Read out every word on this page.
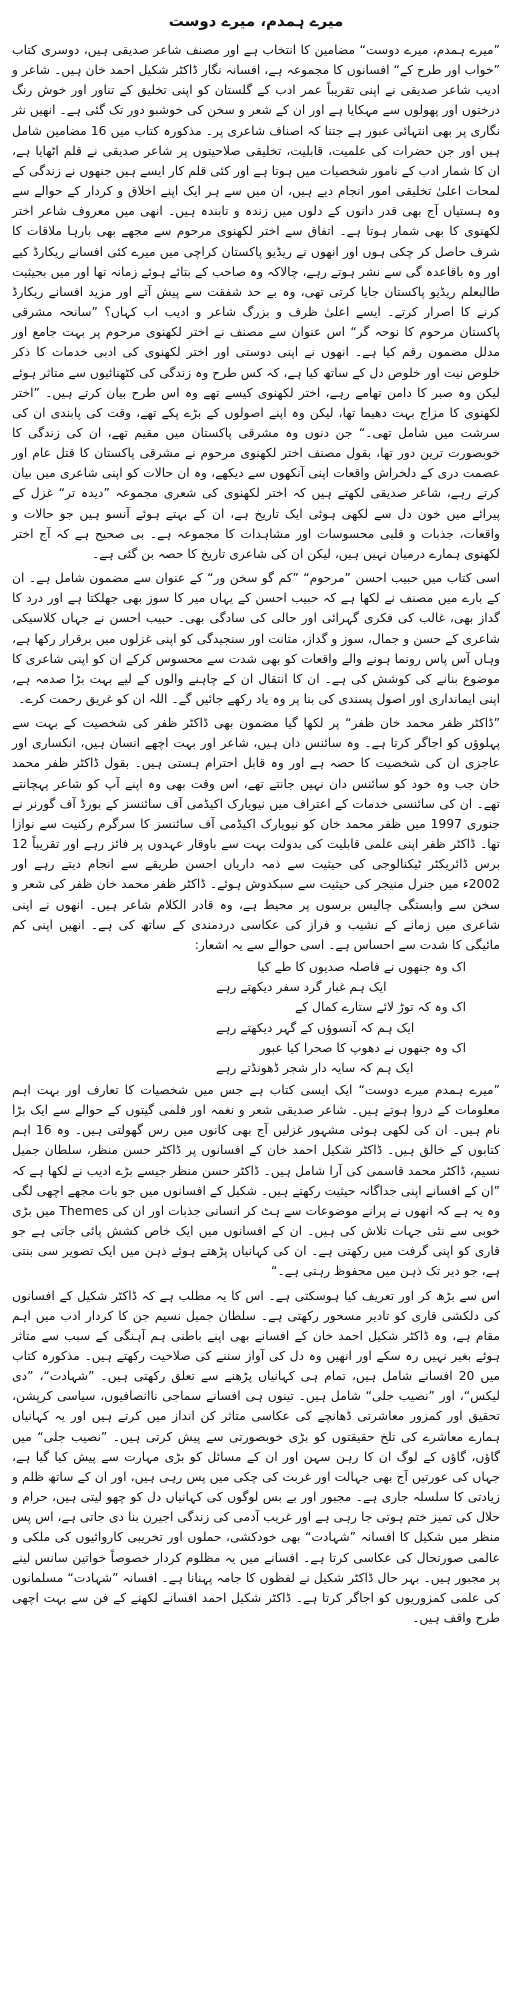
میرے ہمدم، میرے دوست

”میرے ہمدم، میرے دوست“ مضامین کا انتخاب ہے اور مصنف شاعر صدیقی ہیں، دوسری کتاب ”خواب اور طرح کے“ افسانوں کا مجموعہ ہے، افسانہ نگار ڈاکٹر شکیل احمد خان ہیں۔ شاعر و ادیب شاعر صدیقی نے اپنی تقریباً عمر ادب کے گلستان کو اپنی تخلیق کے تناور اور خوش رنگ درختوں اور پھولوں سے مہکایا ہے اور ان کے شعر و سخن کی خوشبو دور تک گئی ہے۔ انھیں نثر نگاری پر بھی انتہائی عبور ہے جتنا کہ اصناف شاعری پر۔ مذکورہ کتاب میں 16 مضامین شامل ہیں اور جن حضرات کی علمیت، قابلیت، تخلیقی صلاحیتوں پر شاعر صدیقی نے قلم اٹھایا ہے، ان کا شمار ادب کے نامور شخصیات میں ہوتا ہے اور کئی قلم کار ایسے ہیں جنھوں نے زندگی کے لمحات اعلیٰ تخلیقی امور انجام دیے ہیں، ان میں سے ہر ایک اپنے اخلاق و کردار کے حوالے سے وہ ہستیاں آج بھی قدر دانوں کے دلوں میں زندہ و تابندہ ہیں۔ انھی میں معروف شاعر اختر لکھنوی کا بھی شمار ہوتا ہے۔ اتفاق سے اختر لکھنوی مرحوم سے مجھے بھی بارہا ملاقات کا شرف حاصل کر چکی ہوں اور انھوں نے ریڈیو پاکستان کراچی میں میرے کئی افسانے ریکارڈ کیے اور وہ باقاعدہ گی سے نشر ہوتے رہے، چالاکہ وہ صاحب کے بتائے ہوئے زمانہ تھا اور میں بحیثیت طالبعلم ریڈیو پاکستان جایا کرتی تھی، وہ بے حد شفقت سے پیش آتے اور مزید افسانے ریکارڈ کرنے کا اصرار کرتے۔ ایسے اعلیٰ ظرف و بزرگ شاعر و ادیب اب کہاں؟ ”سانحہ مشرقی پاکستان مرحوم کا نوحہ گر“ اس عنوان سے مصنف نے اختر لکھنوی مرحوم پر بہت جامع اور مدلل مضمون رقم کیا ہے۔ انھوں نے اپنی دوستی اور اختر لکھنوی کی ادبی خدمات کا ذکر خلوص نیت اور خلوص دل کے ساتھ کیا ہے، کہ کس طرح وہ زندگی کی کٹھنائیوں سے متاثر ہوئے لیکن وہ صبر کا دامن تھامے رہے، اختر لکھنوی کیسے تھے وہ اس طرح بیان کرتے ہیں۔ ”اختر لکھنوی کا مزاج بہت دھیما تھا، لیکن وہ اپنے اصولوں کے بڑے پکے تھے، وقت کی پابندی ان کی سرشت میں شامل تھی۔“ جن دنوں وہ مشرقی پاکستان میں مقیم تھے، ان کی زندگی کا خوبصورت ترین دور تھا، بقول مصنف اختر لکھنوی مرحوم نے مشرقی پاکستان کا قتل عام اور عصمت دری کے دلخراش واقعات اپنی آنکھوں سے دیکھے، وہ ان حالات کو اپنی شاعری میں بیان کرتے رہے، شاعر صدیقی لکھتے ہیں کہ اختر لکھنوی کی شعری مجموعہ ”دیدہ تر“ غزل کے پیرائے میں خون دل سے لکھی ہوئی ایک تاریخ ہے، ان کے بہتے ہوئے آنسو ہیں جو حالات و واقعات، جذبات و قلبی محسوسات اور مشاہدات کا مجموعہ ہے۔ بی صحیح ہے کہ آج اختر لکھنوی ہمارے درمیان نہیں ہیں، لیکن ان کی شاعری تاریخ کا حصہ بن گئی ہے۔

اسی کتاب میں حبیب احسن ”مرحوم“ ”کم گو سخن ور“ کے عنوان سے مضمون شامل ہے۔ ان کے بارے میں مصنف نے لکھا ہے کہ حبیب احسن کے یہاں میر کا سوز بھی جھلکتا ہے اور درد کا گداز بھی، غالب کی فکری گہرائی اور حالی کی سادگی بھی۔ حبیب احسن نے جہاں کلاسیکی شاعری کے حسن و جمال، سوز و گداز، متانت اور سنجیدگی کو اپنی غزلوں میں برقرار رکھا ہے، وہاں آس پاس رونما ہونے والے واقعات کو بھی شدت سے محسوس کرکے ان کو اپنی شاعری کا موضوع بنانے کی کوشش کی ہے۔ ان کا انتقال ان کے چاہنے والوں کے لیے بہت بڑا صدمہ ہے، اپنی ایمانداری اور اصول پسندی کی بنا پر وہ یاد رکھے جائیں گے۔ اللہ ان کو غریق رحمت کرے۔

”ڈاکٹر ظفر محمد خان ظفر“ پر لکھا گیا مضمون بھی ڈاکٹر ظفر کی شخصیت کے بہت سے پہلوؤں کو اجاگر کرتا ہے۔ وہ سائنس دان ہیں، شاعر اور بہت اچھے انسان ہیں، انکساری اور عاجزی ان کی شخصیت کا حصہ ہے اور وہ قابل احترام ہستی ہیں۔ بقول ڈاکٹر ظفر محمد خان جب وہ خود کو سائنس دان نہیں جانتے تھے، اس وقت بھی وہ اپنے آپ کو شاعر پہچانتے تھے۔ ان کی سائنسی خدمات کے اعتراف میں نیویارک اکیڈمی آف سائنسز کے بورڈ آف گورنر نے جنوری 1997 میں ظفر محمد خان کو نیویارک اکیڈمی آف سائنسز کا سرگرم رکنیت سے نوازا تھا۔ ڈاکٹر ظفر اپنی علمی قابلیت کی بدولت بہت سے باوقار عہدوں پر فائز رہے اور تقریباً 12 برس ڈائریکٹر ٹیکنالوجی کی حیثیت سے ذمہ داریاں احسن طریقے سے انجام دیتے رہے اور 2002ء میں جنرل منیجر کی حیثیت سے سبکدوش ہوئے۔ ڈاکٹر ظفر محمد خان ظفر کی شعر و سخن سے وابستگی چالیس برسوں پر محیط ہے، وہ قادر الکلام شاعر ہیں۔ انھوں نے اپنی شاعری میں زمانے کے نشیب و فراز کی عکاسی دردمندی کے ساتھ کی ہے۔ انھیں اپنی کم مائیگی کا شدت سے احساس ہے۔ اسی حوالے سے یہ اشعار:

اک وہ جنھوں نے فاصلہ صدیوں کا طے کیا
ایک ہم غبار گرد سفر دیکھتے رہے
اک وہ کہ توڑ لائے ستارے کمال کے
ایک ہم کہ آنسوؤں کے گہر دیکھتے رہے
اک وہ جنھوں نے دھوپ کا صحرا کیا عبور
ایک ہم کہ سایہ دار شجر ڈھونڈتے رہے

”میرے ہمدم میرے دوست“ ایک ایسی کتاب ہے جس میں شخصیات کا تعارف اور بہت اہم معلومات کے دروا ہوتے ہیں۔ شاعر صدیقی شعر و نغمہ اور فلمی گیتوں کے حوالے سے ایک بڑا نام ہیں۔ ان کی لکھی ہوئی مشہور غزلیں آج بھی کانوں میں رس گھولتی ہیں۔ وہ 16 اہم کتابوں کے خالق ہیں۔ ڈاکٹر شکیل احمد خان کے افسانوں پر ڈاکٹر حسن منظر، سلطان جمیل نسیم، ڈاکٹر محمد قاسمی کی آرا شامل ہیں۔ ڈاکٹر حسن منظر جیسے بڑے ادیب نے لکھا ہے کہ ”ان کے افسانے اپنی جداگانہ حیثیت رکھتے ہیں۔ شکیل کے افسانوں میں جو بات مجھے اچھی لگی وہ یہ ہے کہ انھوں نے پرانے موضوعات سے ہٹ کر انسانی جذبات اور ان کی Themes میں بڑی خوبی سے نئی جہات تلاش کی ہیں۔ ان کے افسانوں میں ایک خاص کشش پائی جاتی ہے جو قاری کو اپنی گرفت میں رکھتی ہے۔ ان کی کہانیاں پڑھتے ہوئے ذہن میں ایک تصویر سی بنتی ہے، جو دیر تک ذہن میں محفوظ رہتی ہے۔“

اس سے بڑھ کر اور تعریف کیا ہوسکتی ہے۔ اس کا یہ مطلب ہے کہ ڈاکٹر شکیل کے افسانوں کی دلکشی قاری کو تادیر مسحور رکھتی ہے۔ سلطان جمیل نسیم جن کا کردار ادب میں اہم مقام ہے، وہ ڈاکٹر شکیل احمد خان کے افسانے بھی اپنے باطنی ہم آہنگی کے سبب سے متاثر ہوئے بغیر نہیں رہ سکے اور انھیں وہ دل کی آواز سننے کی صلاحیت رکھتے ہیں۔ مذکورہ کتاب میں 20 افسانے شامل ہیں، تمام ہی کہانیاں پڑھنے سے تعلق رکھتی ہیں۔ ”شہادت“، ”دی لیکس“، اور ”نصیب جلی“ شامل ہیں۔ تینوں ہی افسانے سماجی ناانصافیوں، سیاسی کرپشن، تحقیق اور کمزور معاشرتی ڈھانچے کی عکاسی متاثر کن انداز میں کرتے ہیں اور یہ کہانیاں ہمارے معاشرے کی تلخ حقیقتوں کو بڑی خوبصورتی سے پیش کرتی ہیں۔ ”نصیب جلی“ میں گاؤں، گاؤں کے لوگ ان کا رہن سہن اور ان کے مسائل کو بڑی مہارت سے پیش کیا گیا ہے، جہاں کی عورتیں آج بھی جہالت اور غربت کی چکی میں پس رہی ہیں، اور ان کے ساتھ ظلم و زیادتی کا سلسلہ جاری ہے۔ مجبور اور بے بس لوگوں کی کہانیاں دل کو چھو لیتی ہیں، حرام و حلال کی تمیز ختم ہوتی جا رہی ہے اور غریب آدمی کی زندگی اجیرن بنا دی جاتی ہے، اس پس منظر میں شکیل کا افسانہ ”شہادت“ بھی خودکشی، حملوں اور تخریبی کاروائیوں کی ملکی و عالمی صورتحال کی عکاسی کرتا ہے۔ افسانے میں یہ مظلوم کردار خصوصاً خواتین سانس لینے پر مجبور ہیں۔ بہر حال ڈاکٹر شکیل نے لفظوں کا جامہ پہنانا ہے۔ افسانہ ”شہادت“ مسلمانوں کی علمی کمزوریوں کو اجاگر کرتا ہے۔ ڈاکٹر شکیل احمد افسانے لکھنے کے فن سے بہت اچھی طرح واقف ہیں۔
